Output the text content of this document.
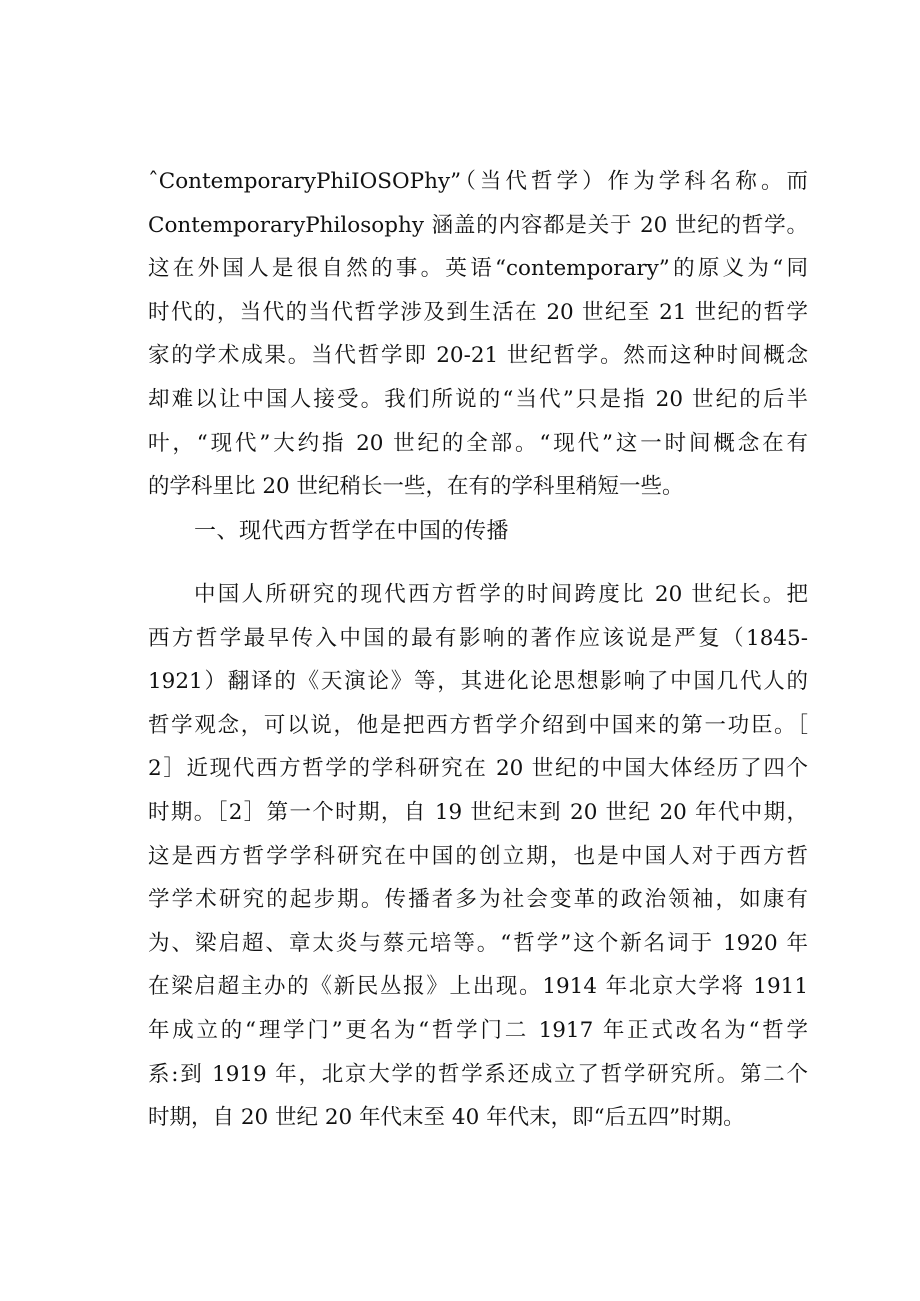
ˆContemporaryPhiIOSOPhy”（当代哲学）作为学科名称。而
ContemporaryPhilosophy 涵盖的内容都是关于 20 世纪的哲学。
这在外国人是很自然的事。英语“contemporary”的原义为“同
时代的，当代的当代哲学涉及到生活在 20 世纪至 21 世纪的哲学
家的学术成果。当代哲学即 20-21 世纪哲学。然而这种时间概念
却难以让中国人接受。我们所说的“当代”只是指 20 世纪的后半
叶，“现代”大约指 20 世纪的全部。“现代”这一时间概念在有
的学科里比 20 世纪稍长一些，在有的学科里稍短一些。
一、现代西方哲学在中国的传播
中国人所研究的现代西方哲学的时间跨度比 20 世纪长。把
西方哲学最早传入中国的最有影响的著作应该说是严复（1845-
1921）翻译的《天演论》等，其进化论思想影响了中国几代人的
哲学观念，可以说，他是把西方哲学介绍到中国来的第一功臣。［
2］近现代西方哲学的学科研究在 20 世纪的中国大体经历了四个
时期。［2］第一个时期，自 19 世纪末到 20 世纪 20 年代中期，
这是西方哲学学科研究在中国的创立期，也是中国人对于西方哲
学学术研究的起步期。传播者多为社会变革的政治领袖，如康有
为、梁启超、章太炎与蔡元培等。“哲学”这个新名词于 1920 年
在梁启超主办的《新民丛报》上出现。1914 年北京大学将 1911
年成立的“理学门”更名为“哲学门二 1917 年正式改名为“哲学
系:到 1919 年，北京大学的哲学系还成立了哲学研究所。第二个
时期，自 20 世纪 20 年代末至 40 年代末，即“后五四”时期。
